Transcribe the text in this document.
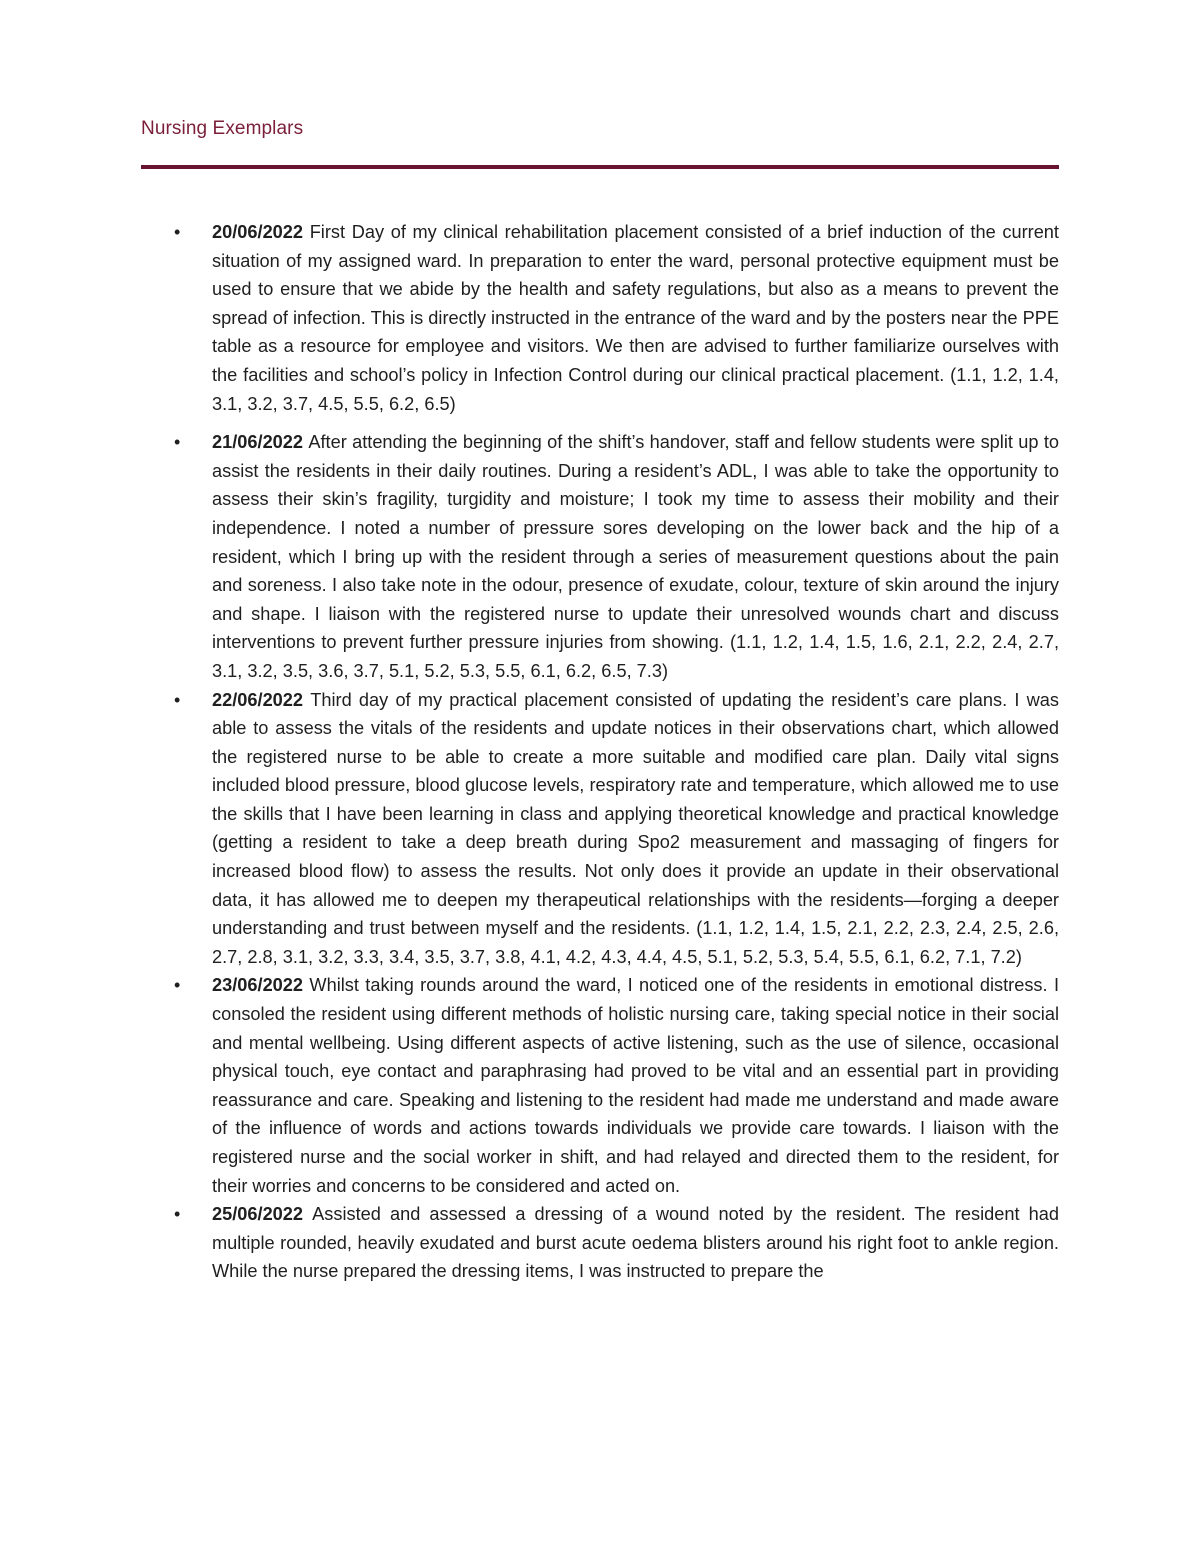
Nursing Exemplars
• 20/06/2022 First Day of my clinical rehabilitation placement consisted of a brief induction of the current situation of my assigned ward. In preparation to enter the ward, personal protective equipment must be used to ensure that we abide by the health and safety regulations, but also as a means to prevent the spread of infection. This is directly instructed in the entrance of the ward and by the posters near the PPE table as a resource for employee and visitors. We then are advised to further familiarize ourselves with the facilities and school’s policy in Infection Control during our clinical practical placement. (1.1, 1.2, 1.4, 3.1, 3.2, 3.7, 4.5, 5.5, 6.2, 6.5)
• 21/06/2022 After attending the beginning of the shift’s handover, staff and fellow students were split up to assist the residents in their daily routines. During a resident’s ADL, I was able to take the opportunity to assess their skin’s fragility, turgidity and moisture; I took my time to assess their mobility and their independence. I noted a number of pressure sores developing on the lower back and the hip of a resident, which I bring up with the resident through a series of measurement questions about the pain and soreness. I also take note in the odour, presence of exudate, colour, texture of skin around the injury and shape. I liaison with the registered nurse to update their unresolved wounds chart and discuss interventions to prevent further pressure injuries from showing. (1.1, 1.2, 1.4, 1.5, 1.6, 2.1, 2.2, 2.4, 2.7, 3.1, 3.2, 3.5, 3.6, 3.7, 5.1, 5.2, 5.3, 5.5, 6.1, 6.2, 6.5, 7.3)
• 22/06/2022 Third day of my practical placement consisted of updating the resident’s care plans. I was able to assess the vitals of the residents and update notices in their observations chart, which allowed the registered nurse to be able to create a more suitable and modified care plan. Daily vital signs included blood pressure, blood glucose levels, respiratory rate and temperature, which allowed me to use the skills that I have been learning in class and applying theoretical knowledge and practical knowledge (getting a resident to take a deep breath during Spo2 measurement and massaging of fingers for increased blood flow) to assess the results. Not only does it provide an update in their observational data, it has allowed me to deepen my therapeutical relationships with the residents—forging a deeper understanding and trust between myself and the residents. (1.1, 1.2, 1.4, 1.5, 2.1, 2.2, 2.3, 2.4, 2.5, 2.6, 2.7, 2.8, 3.1, 3.2, 3.3, 3.4, 3.5, 3.7, 3.8, 4.1, 4.2, 4.3, 4.4, 4.5, 5.1, 5.2, 5.3, 5.4, 5.5, 6.1, 6.2, 7.1, 7.2)
• 23/06/2022 Whilst taking rounds around the ward, I noticed one of the residents in emotional distress. I consoled the resident using different methods of holistic nursing care, taking special notice in their social and mental wellbeing. Using different aspects of active listening, such as the use of silence, occasional physical touch, eye contact and paraphrasing had proved to be vital and an essential part in providing reassurance and care. Speaking and listening to the resident had made me understand and made aware of the influence of words and actions towards individuals we provide care towards. I liaison with the registered nurse and the social worker in shift, and had relayed and directed them to the resident, for their worries and concerns to be considered and acted on.
• 25/06/2022 Assisted and assessed a dressing of a wound noted by the resident. The resident had multiple rounded, heavily exudated and burst acute oedema blisters around his right foot to ankle region. While the nurse prepared the dressing items, I was instructed to prepare the
